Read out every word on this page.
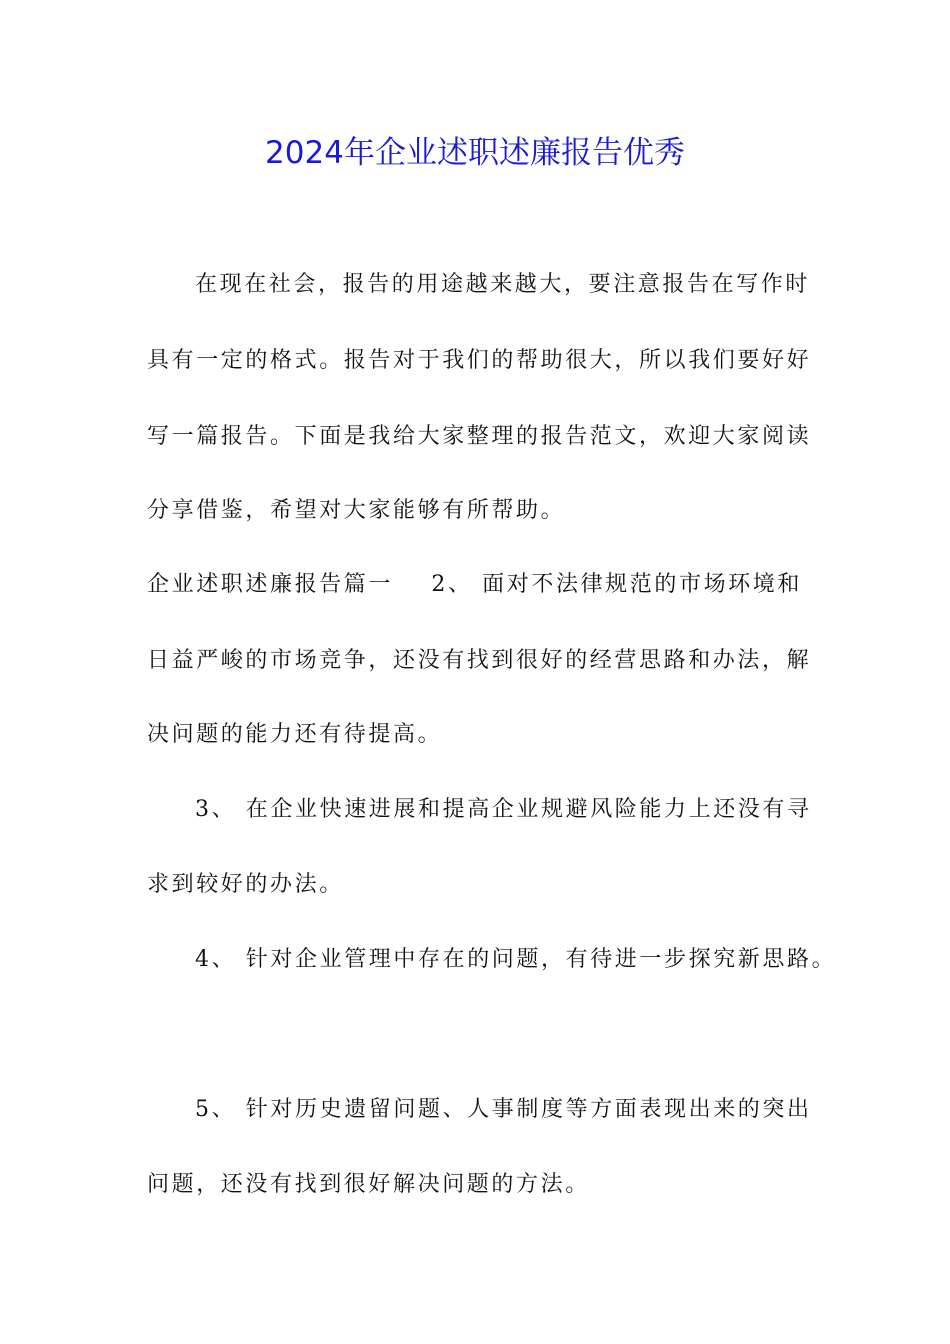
2024年企业述职述廉报告优秀

在现在社会，报告的用途越来越大，要注意报告在写作时

具有一定的格式。报告对于我们的帮助很大，所以我们要好好

写一篇报告。下面是我给大家整理的报告范文，欢迎大家阅读

分享借鉴，希望对大家能够有所帮助。

企业述职述廉报告篇一    2、 面对不法律规范的市场环境和

日益严峻的市场竞争，还没有找到很好的经营思路和办法，解

决问题的能力还有待提高。

3、 在企业快速进展和提高企业规避风险能力上还没有寻

求到较好的办法。

4、 针对企业管理中存在的问题，有待进一步探究新思路。

5、 针对历史遗留问题、人事制度等方面表现出来的突出

问题，还没有找到很好解决问题的方法。
